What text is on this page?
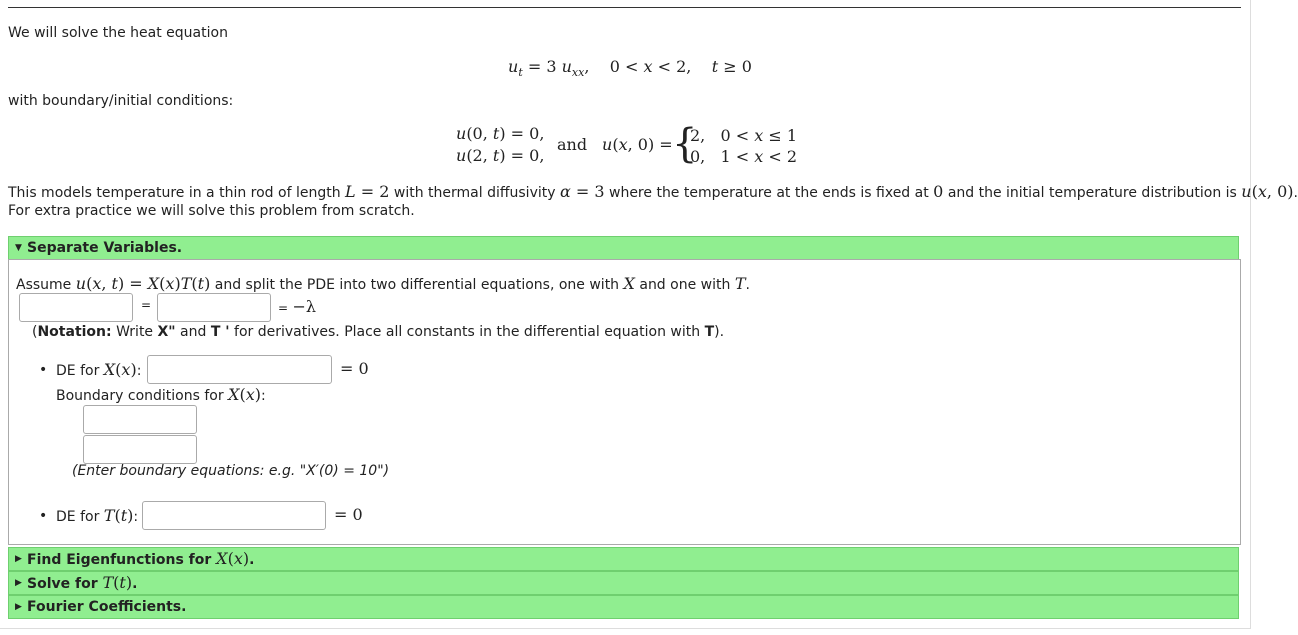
We will solve the heat equation
$u_t = 3$ $u_{xx}$,    0 < x < 2,    t ≥ 0
with boundary/initial conditions:
u(0, t) = 0,
u(2, t) = 0,
and u(x, 0) = {
2,   0 < x ≤ 1
0,   1 < x < 2
This models temperature in a thin rod of length L = 2 with thermal diffusivity α = 3 where the temperature at the ends is fixed at 0 and the initial temperature distribution is u(x, 0).
For extra practice we will solve this problem from scratch.
▼ Separate Variables.
Assume u(x, t) = X(x)T(t) and split the PDE into two differential equations, one with X and one with T.
=	= −λ
(Notation: Write X" and T ' for derivatives. Place all constants in the differential equation with T).
• DE for X(x):	= 0
Boundary conditions for X(x):
(Enter boundary equations: e.g. "X′(0) = 10")
• DE for T(t):	= 0
▶ Find Eigenfunctions for X(x).
▶ Solve for T(t).
▶ Fourier Coefficients.
